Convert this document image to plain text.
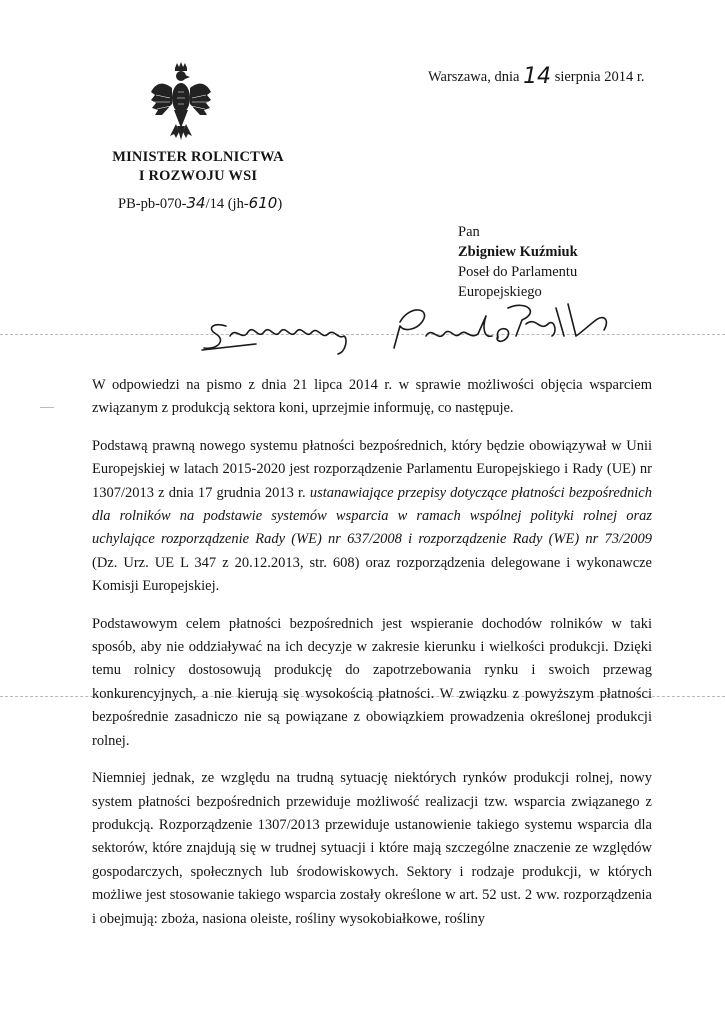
MINISTER ROLNICTWA
I ROZWOJU WSI
PB-pb-070-34/14 (jh-610)
Warszawa, dnia 14 sierpnia 2014 r.
Pan
Zbigniew Kuźmiuk
Poseł do Parlamentu
Europejskiego

W odpowiedzi na pismo z dnia 21 lipca 2014 r. w sprawie możliwości objęcia wsparciem związanym z produkcją sektora koni, uprzejmie informuję, co następuje.

Podstawą prawną nowego systemu płatności bezpośrednich, który będzie obowiązywał w Unii Europejskiej w latach 2015-2020 jest rozporządzenie Parlamentu Europejskiego i Rady (UE) nr 1307/2013 z dnia 17 grudnia 2013 r. ustanawiające przepisy dotyczące płatności bezpośrednich dla rolników na podstawie systemów wsparcia w ramach wspólnej polityki rolnej oraz uchylające rozporządzenie Rady (WE) nr 637/2008 i rozporządzenie Rady (WE) nr 73/2009 (Dz. Urz. UE L 347 z 20.12.2013, str. 608) oraz rozporządzenia delegowane i wykonawcze Komisji Europejskiej.

Podstawowym celem płatności bezpośrednich jest wspieranie dochodów rolników w taki sposób, aby nie oddziaływać na ich decyzje w zakresie kierunku i wielkości produkcji. Dzięki temu rolnicy dostosowują produkcję do zapotrzebowania rynku i swoich przewag konkurencyjnych, a nie kierują się wysokością płatności. W związku z powyższym płatności bezpośrednie zasadniczo nie są powiązane z obowiązkiem prowadzenia określonej produkcji rolnej.

Niemniej jednak, ze względu na trudną sytuację niektórych rynków produkcji rolnej, nowy system płatności bezpośrednich przewiduje możliwość realizacji tzw. wsparcia związanego z produkcją. Rozporządzenie 1307/2013 przewiduje ustanowienie takiego systemu wsparcia dla sektorów, które znajdują się w trudnej sytuacji i które mają szczególne znaczenie ze względów gospodarczych, społecznych lub środowiskowych. Sektory i rodzaje produkcji, w których możliwe jest stosowanie takiego wsparcia zostały określone w art. 52 ust. 2 ww. rozporządzenia i obejmują: zboża, nasiona oleiste, rośliny wysokobiałkowe, rośliny
